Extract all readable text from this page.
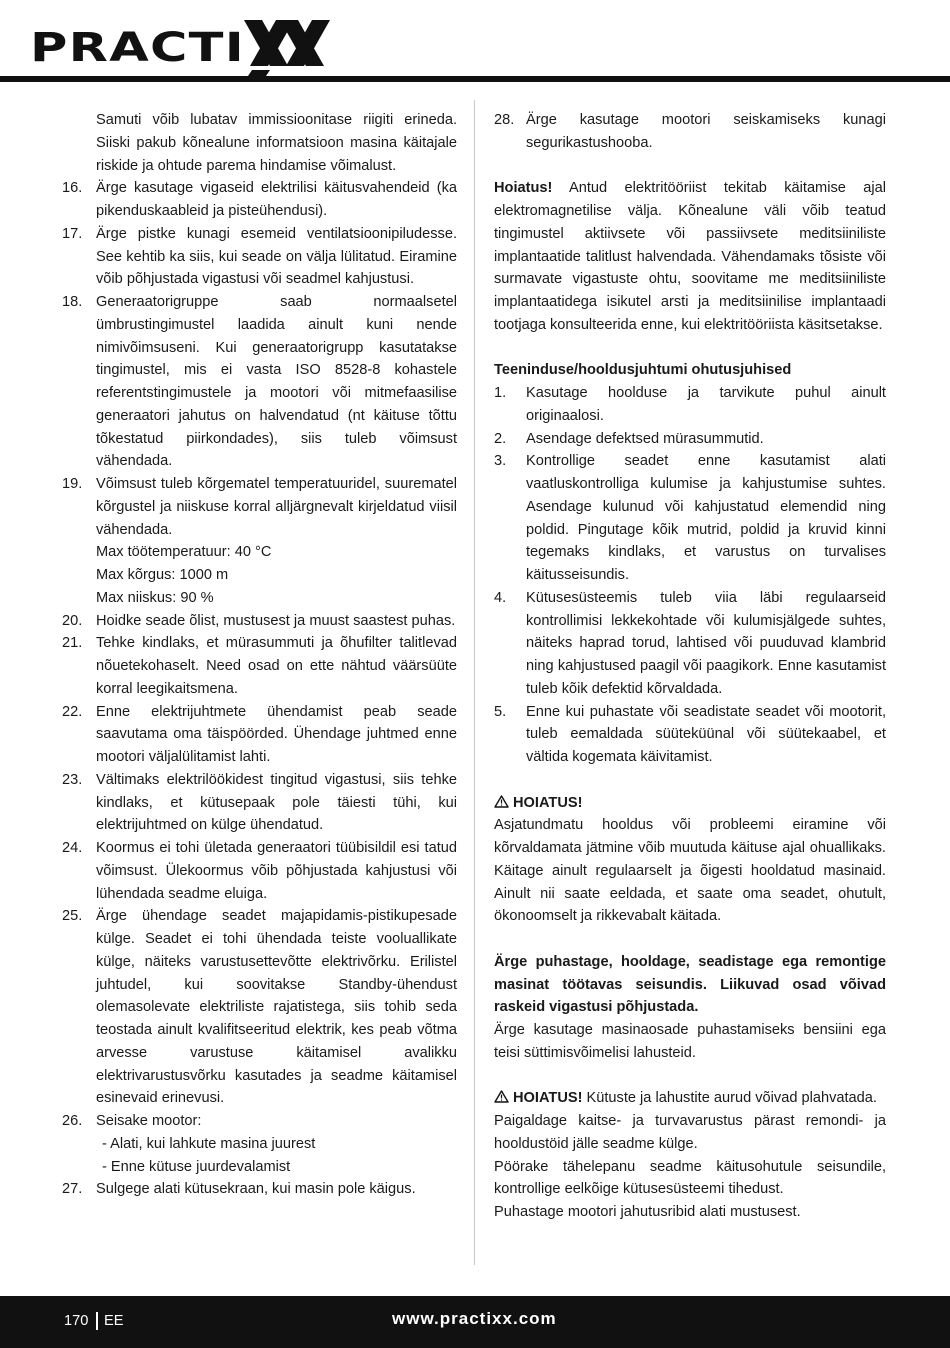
PRACTI
Samuti võib lubatav immissioonitase riigiti erineda. Siiski pakub kõnealune informatsioon masina käitajale riskide ja ohtude parema hindamise võimalust.
16. Ärge kasutage vigaseid elektrilisi käitusvahendeid (ka pikenduskaableid ja pisteühendusi).
17. Ärge pistke kunagi esemeid ventilatsioonipiludesse. See kehtib ka siis, kui seade on välja lülitatud. Eiramine võib põhjustada vigastusi või seadmel kahjustusi.
18. Generaatorigruppe saab normaalsetel ümbrustingimustel laadida ainult kuni nende nimivõimsuseni. Kui generaatorigrupp kasutatakse tingimustel, mis ei vasta ISO 8528-8 kohastele referentstingimustele ja mootori või mitmefaasilise generaatori jahutus on halvendatud (nt käituse tõttu tõkestatud piirkondades), siis tuleb võimsust vähendada.
19. Võimsust tuleb kõrgematel temperatuuridel, suurematel kõrgustel ja niiskuse korral alljärgnevalt kirjeldatud viisil vähendada.
Max töötemperatuur: 40 °C
Max kõrgus: 1000 m
Max niiskus: 90 %
20. Hoidke seade õlist, mustusest ja muust saastest puhas.
21. Tehke kindlaks, et mürasummuti ja õhufilter talitlevad nõuetekohaselt. Need osad on ette nähtud väärsüüte korral leegikaitsmena.
22. Enne elektrijuhtmete ühendamist peab seade saavutama oma täispöörded. Ühendage juhtmed enne mootori väljalülitamist lahti.
23. Vältimaks elektrilöökidest tingitud vigastusi, siis tehke kindlaks, et kütusepaak pole täiesti tühi, kui elektrijuhtmed on külge ühendatud.
24. Koormus ei tohi ületada generaatori tüübisildil esi tatud võimsust. Ülekoormus võib põhjustada kahjustusi või lühendada seadme eluiga.
25. Ärge ühendage seadet majapidamis-pistikupesade külge. Seadet ei tohi ühendada teiste vooluallikate külge, näiteks varustusettevõtte elektrivõrku. Erilistel juhtudel, kui soovitakse Standby-ühendust olemasolevate elektriliste rajatistega, siis tohib seda teostada ainult kvalifitseeritud elektrik, kes peab võtma arvesse varustuse käitamisel avalikku elektrivarustusvõrku kasutades ja seadme käitamisel esinevaid erinevusi.
26. Seisake mootor:
- Alati, kui lahkute masina juurest
- Enne kütuse juurdevalamist
27. Sulgege alati kütusekraan, kui masin pole käigus.
28. Ärge kasutage mootori seiskamiseks kunagi segurikastushooba.
Hoiatus! Antud elektritööriist tekitab käitamise ajal elektromagnetilise välja. Kõnealune väli võib teatud tingimustel aktiivsete või passiivsete meditsiiniliste implantaatide talitlust halvendada. Vähendamaks tõsiste või surmavate vigastuste ohtu, soovitame me meditsiiniliste implantaatidega isikutel arsti ja meditsiinilise implantaadi tootjaga konsulteerida enne, kui elektritööriista käsitsetakse.
Teeninduse/hooldusjuhtumi ohutusjuhised
1.	Kasutage hoolduse ja tarvikute puhul ainult originaalosi.
2.	Asendage defektsed mürasummutid.
3.	Kontrollige seadet enne kasutamist alati vaatluskontrolliga kulumise ja kahjustumise suhtes. Asendage kulunud või kahjustatud elemendid ning poldid. Pingutage kõik mutrid, poldid ja kruvid kinni tegemaks kindlaks, et varustus on turvalises käitusseisundis.
4.	Kütusesüsteemis tuleb viia läbi regulaarseid kontrollimisi lekkekohtade või kulumisjälgede suhtes, näiteks haprad torud, lahtised või puuduvad klambrid ning kahjustused paagil või paagikork. Enne kasutamist tuleb kõik defektid kõrvaldada.
5.	Enne kui puhastate või seadistate seadet või mootorit, tuleb eemaldada süüteküünal või süütekaabel, et vältida kogemata käivitamist.
HOIATUS!
Asjatundmatu hooldus või probleemi eiramine või kõrvaldamata jätmine võib muutuda käituse ajal ohuallikaks. Käitage ainult regulaarselt ja õigesti hooldatud masinaid. Ainult nii saate eeldada, et saate oma seadet, ohutult, ökonoomselt ja rikkevabalt käitada.
Ärge puhastage, hooldage, seadistage ega remontige masinat töötavas seisundis. Liikuvad osad võivad raskeid vigastusi põhjustada.
Ärge kasutage masinaosade puhastamiseks bensiini ega teisi süttimisvõimelisi lahusteid.
HOIATUS! Kütuste ja lahustite aurud võivad plahvatada.
Paigaldage kaitse- ja turvavarustus pärast remondi- ja hooldustöid jälle seadme külge.
Pöörake tähelepanu seadme käitusohutule seisundile, kontrollige eelkõige kütusesüsteemi tihedust.
Puhastage mootori jahutusribid alati mustusest.
170 EE	www.practixx.com
